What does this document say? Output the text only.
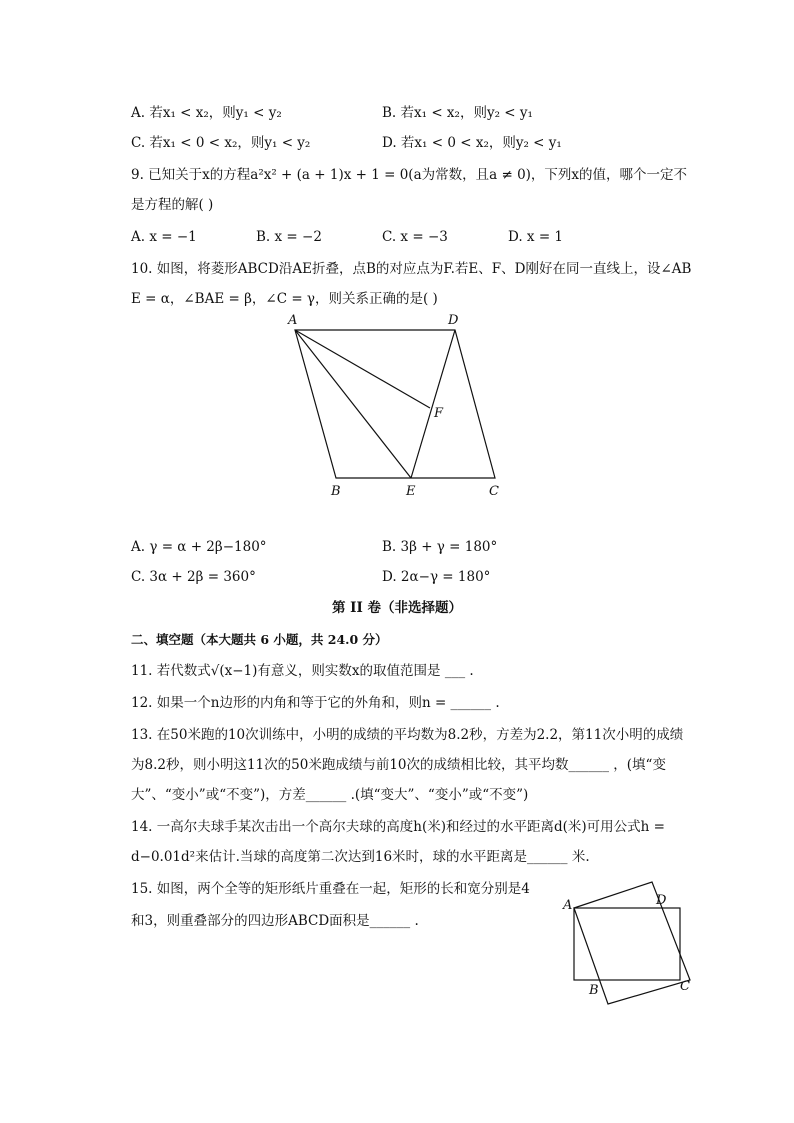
A. 若x₁ < x₂，则y₁ < y₂	B. 若x₁ < x₂，则y₂ < y₁
C. 若x₁ < 0 < x₂，则y₁ < y₂	D. 若x₁ < 0 < x₂，则y₂ < y₁
9. 已知关于x的方程a²x² + (a + 1)x + 1 = 0(a为常数，且a ≠ 0)，下列x的值，哪个一定不
是方程的解( )
A. x = −1	B. x = −2	C. x = −3	D. x = 1
10. 如图，将菱形ABCD沿AE折叠，点B的对应点为F.若E、F、D刚好在同一直线上，设∠AB
E = α，∠BAE = β，∠C = γ，则关系正确的是( )
A	D
F
B	E	C
A	D
B	C
A. γ = α + 2β−180°	B. 3β + γ = 180°
C. 3α + 2β = 360°	D. 2α−γ = 180°
第 II 卷（非选择题）
二、填空题（本大题共 6 小题，共 24.0 分）
11. 若代数式√(x−1)有意义，则实数x的取值范围是 ___ .
12. 如果一个n边形的内角和等于它的外角和，则n = ______ .
13. 在50米跑的10次训练中，小明的成绩的平均数为8.2秒，方差为2.2，第11次小明的成绩
为8.2秒，则小明这11次的50米跑成绩与前10次的成绩相比较，其平均数______ ，(填“变
大”、“变小”或“不变”)，方差______ .(填“变大”、“变小”或“不变”)
14. 一高尔夫球手某次击出一个高尔夫球的高度h(米)和经过的水平距离d(米)可用公式h =
d−0.01d²来估计.当球的高度第二次达到16米时，球的水平距离是______ 米.
15. 如图，两个全等的矩形纸片重叠在一起，矩形的长和宽分别是4
和3，则重叠部分的四边形ABCD面积是______ .
